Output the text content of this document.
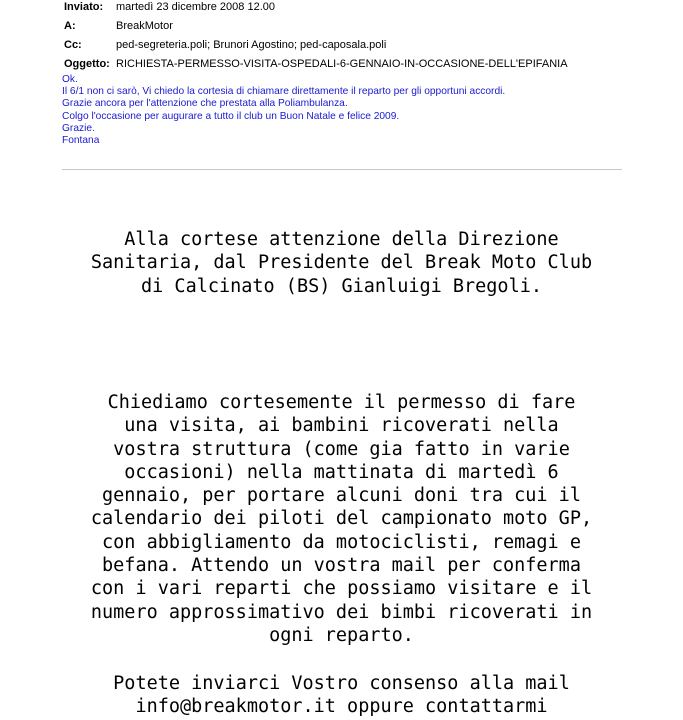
Inviato:	martedì 23 dicembre 2008 12.00
A:	BreakMotor
Cc:	ped-segreteria.poli; Brunori Agostino; ped-caposala.poli
Oggetto: RICHIESTA-PERMESSO-VISITA-OSPEDALI-6-GENNAIO-IN-OCCASIONE-DELL'EPIFANIA
Ok.
Il 6/1 non ci sarò, Vi chiedo la cortesia di chiamare direttamente il reparto per gli opportuni accordi.
Grazie ancora per l'attenzione che prestata alla Poliambulanza.
Colgo l'occasione per augurare a tutto il club un Buon Natale e felice 2009.
Grazie.
Fontana
Alla cortese attenzione della Direzione
Sanitaria, dal Presidente del Break Moto Club
di Calcinato (BS) Gianluigi Bregoli.
Chiediamo cortesemente il permesso di fare
una visita, ai bambini ricoverati nella
vostra struttura (come gia fatto in varie
occasioni) nella mattinata di martedì 6
gennaio, per portare alcuni doni tra cui il
calendario dei piloti del campionato moto GP,
con abbigliamento da motociclisti, remagi e
befana. Attendo un vostra mail per conferma
con i vari reparti che possiamo visitare e il
numero approssimativo dei bimbi ricoverati in
ogni reparto.
Potete inviarci Vostro consenso alla mail
info@breakmotor.it oppure contattarmi
